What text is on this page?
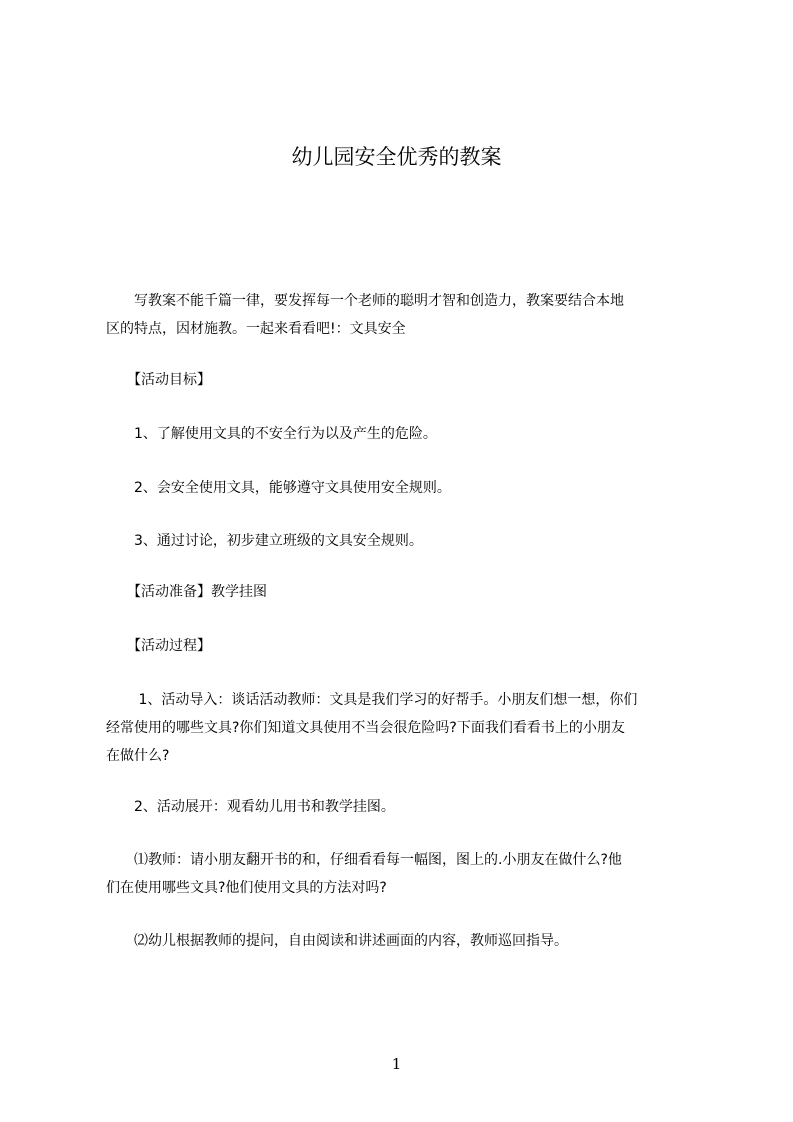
幼儿园安全优秀的教案

　　写教案不能千篇一律，要发挥每一个老师的聪明才智和创造力，教案要结合本地
区的特点，因材施教。一起来看看吧!：文具安全

　　【活动目标】

　　1、了解使用文具的不安全行为以及产生的危险。

　　2、会安全使用文具，能够遵守文具使用安全规则。

　　3、通过讨论，初步建立班级的文具安全规则。

　　【活动准备】教学挂图

　　【活动过程】

　　 1、活动导入：谈话活动教师：文具是我们学习的好帮手。小朋友们想一想，你们
经常使用的哪些文具?你们知道文具使用不当会很危险吗?下面我们看看书上的小朋友
在做什么?

　　2、活动展开：观看幼儿用书和教学挂图。

　　⑴教师：请小朋友翻开书的和，仔细看看每一幅图，图上的.小朋友在做什么?他
们在使用哪些文具?他们使用文具的方法对吗?

　　⑵幼儿根据教师的提问，自由阅读和讲述画面的内容，教师巡回指导。

1
